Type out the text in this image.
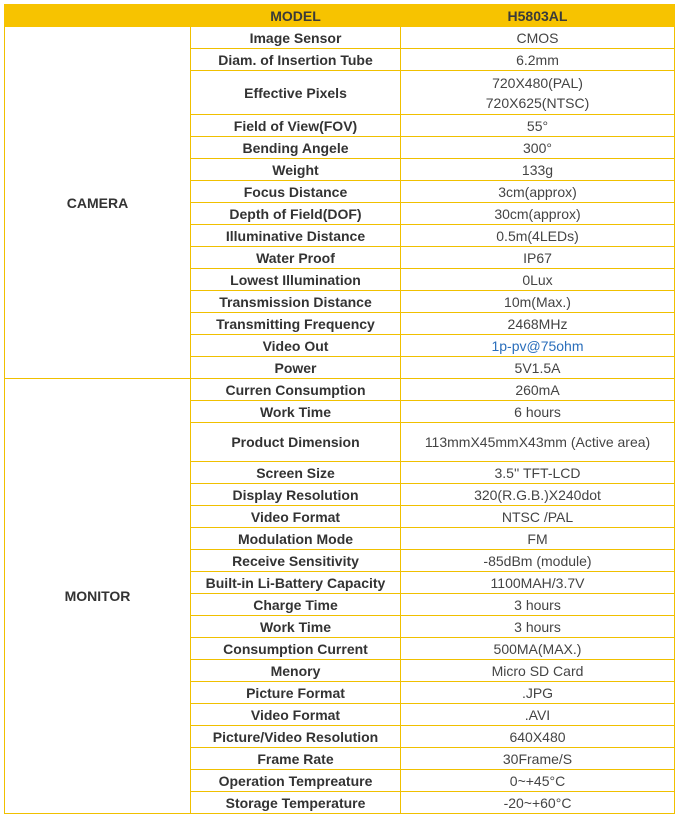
	MODEL	H5803AL
CAMERA	Image Sensor	CMOS
	Diam. of Insertion Tube	6.2mm
	Effective Pixels	720X480(PAL)
720X625(NTSC)

	Field of View(FOV)	55°
	Bending Angele	300°
	Weight	133g
	Focus Distance	3cm(approx)
	Depth of Field(DOF)	30cm(approx)
	Illuminative Distance	0.5m(4LEDs)
	Water Proof	IP67
	Lowest Illumination	0Lux
	Transmission Distance	10m(Max.)
	Transmitting Frequency	2468MHz
	Video Out	1p-pv@75ohm
	Power	5V1.5A
MONITOR	Curren Consumption	260mA
	Work Time	6 hours
	Product Dimension	113mmX45mmX43mm (Active area)
	Screen Size	3.5'' TFT-LCD
	Display Resolution	320(R.G.B.)X240dot
	Video Format	NTSC /PAL
	Modulation Mode	FM
	Receive Sensitivity	-85dBm (module)
	Built-in Li-Battery Capacity	1100MAH/3.7V
	Charge Time	3 hours
	Work Time	3 hours
	Consumption Current	500MA(MAX.)
	Menory	Micro SD Card
	Picture Format	.JPG
	Video Format	.AVI
	Picture/Video Resolution	640X480
	Frame Rate	30Frame/S
	Operation Tempreature	0~+45°C
	Storage Temperature	-20~+60°C
